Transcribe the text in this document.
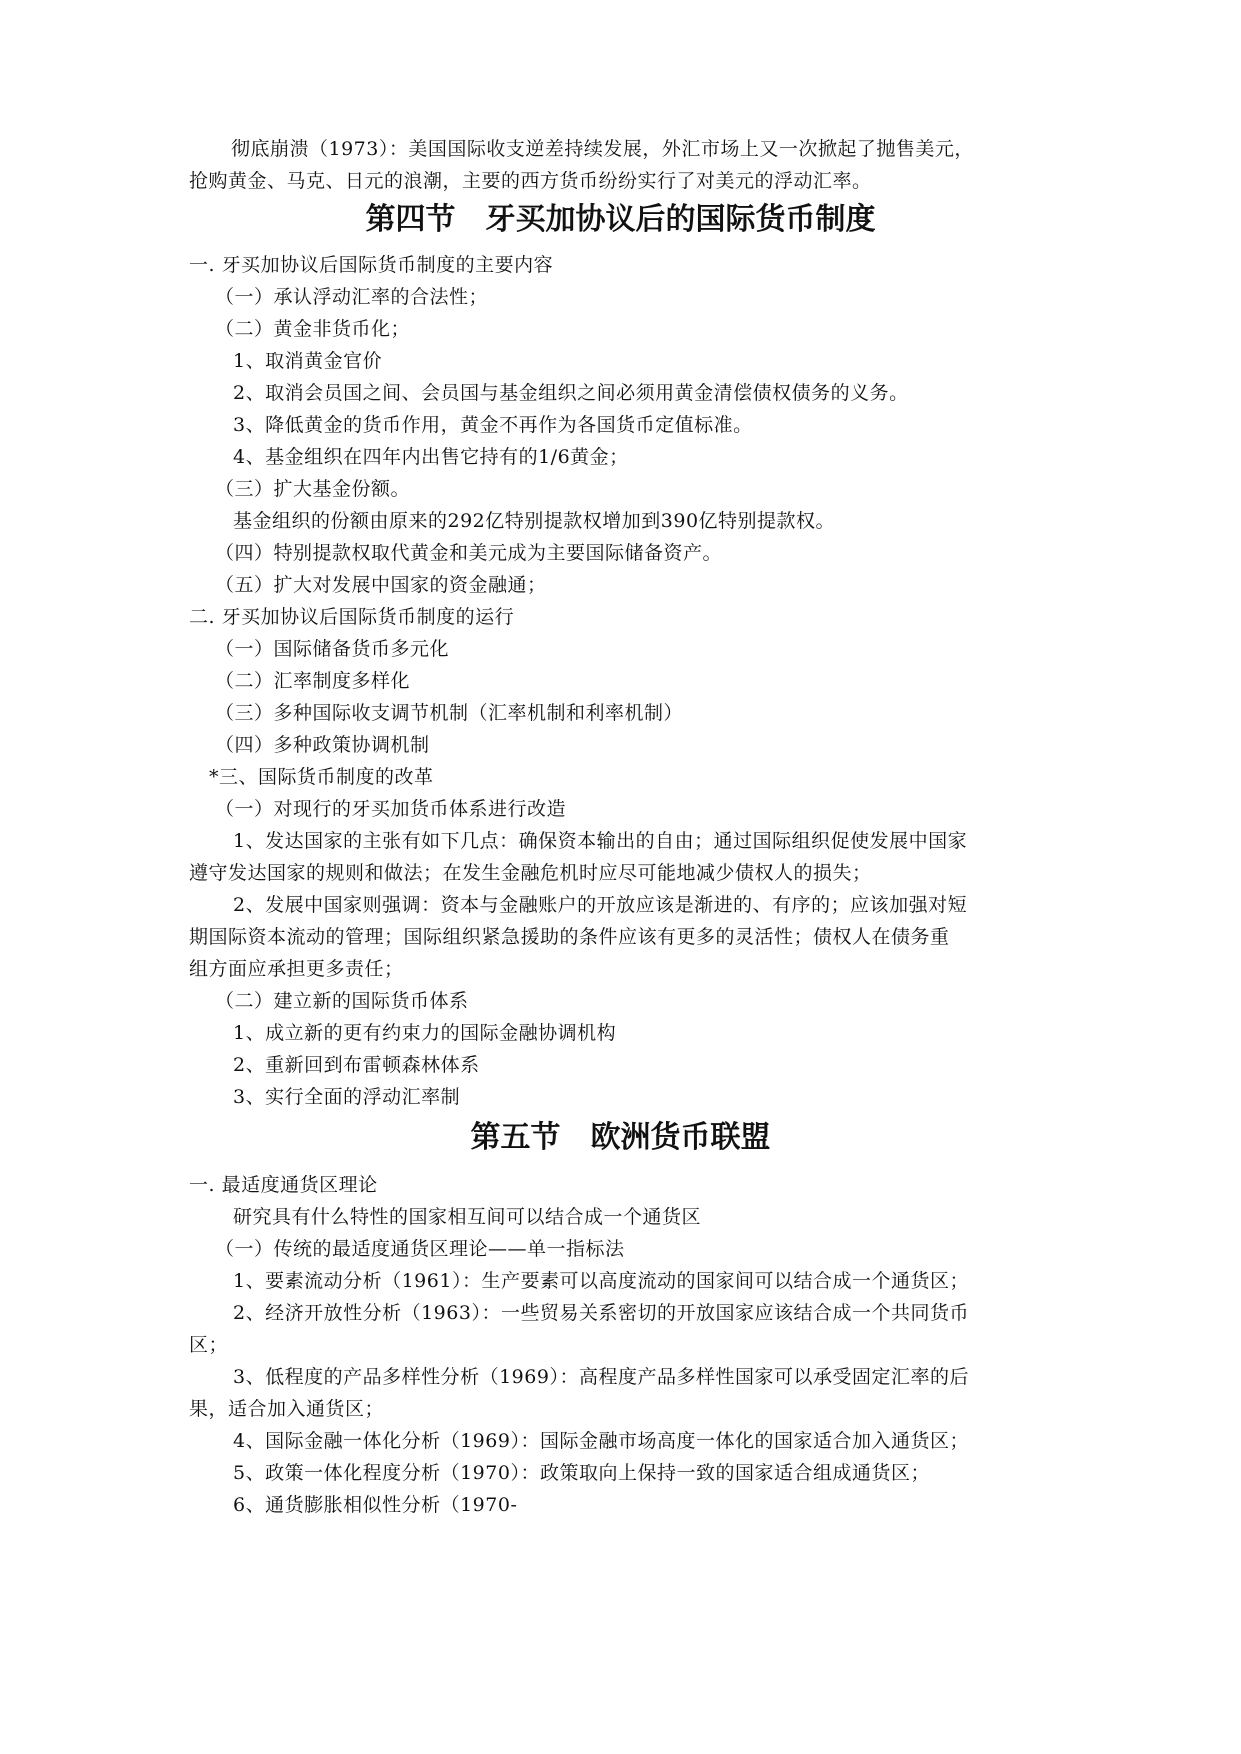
彻底崩溃（1973）：美国国际收支逆差持续发展，外汇市场上又一次掀起了抛售美元，
抢购黄金、马克、日元的浪潮，主要的西方货币纷纷实行了对美元的浮动汇率。
第四节　牙买加协议后的国际货币制度
一. 牙买加协议后国际货币制度的主要内容
（一）承认浮动汇率的合法性；
（二）黄金非货币化；
1、取消黄金官价
2、取消会员国之间、会员国与基金组织之间必须用黄金清偿债权债务的义务。
3、降低黄金的货币作用，黄金不再作为各国货币定值标准。
4、基金组织在四年内出售它持有的1/6黄金；
（三）扩大基金份额。
基金组织的份额由原来的292亿特别提款权增加到390亿特别提款权。
（四）特别提款权取代黄金和美元成为主要国际储备资产。
（五）扩大对发展中国家的资金融通；
二. 牙买加协议后国际货币制度的运行
（一）国际储备货币多元化
（二）汇率制度多样化
（三）多种国际收支调节机制（汇率机制和利率机制）
（四）多种政策协调机制
*三、国际货币制度的改革
（一）对现行的牙买加货币体系进行改造
1、发达国家的主张有如下几点：确保资本输出的自由；通过国际组织促使发展中国家
遵守发达国家的规则和做法；在发生金融危机时应尽可能地减少债权人的损失；
2、发展中国家则强调：资本与金融账户的开放应该是渐进的、有序的；应该加强对短
期国际资本流动的管理；国际组织紧急援助的条件应该有更多的灵活性；债权人在债务重
组方面应承担更多责任；
（二）建立新的国际货币体系
1、成立新的更有约束力的国际金融协调机构
2、重新回到布雷顿森林体系
3、实行全面的浮动汇率制
第五节　欧洲货币联盟
一. 最适度通货区理论
研究具有什么特性的国家相互间可以结合成一个通货区
（一）传统的最适度通货区理论——单一指标法
1、要素流动分析（1961）：生产要素可以高度流动的国家间可以结合成一个通货区；
2、经济开放性分析（1963）：一些贸易关系密切的开放国家应该结合成一个共同货币
区；
3、低程度的产品多样性分析（1969）：高程度产品多样性国家可以承受固定汇率的后
果，适合加入通货区；
4、国际金融一体化分析（1969）：国际金融市场高度一体化的国家适合加入通货区；
5、政策一体化程度分析（1970）：政策取向上保持一致的国家适合组成通货区；
6、通货膨胀相似性分析（1970-
